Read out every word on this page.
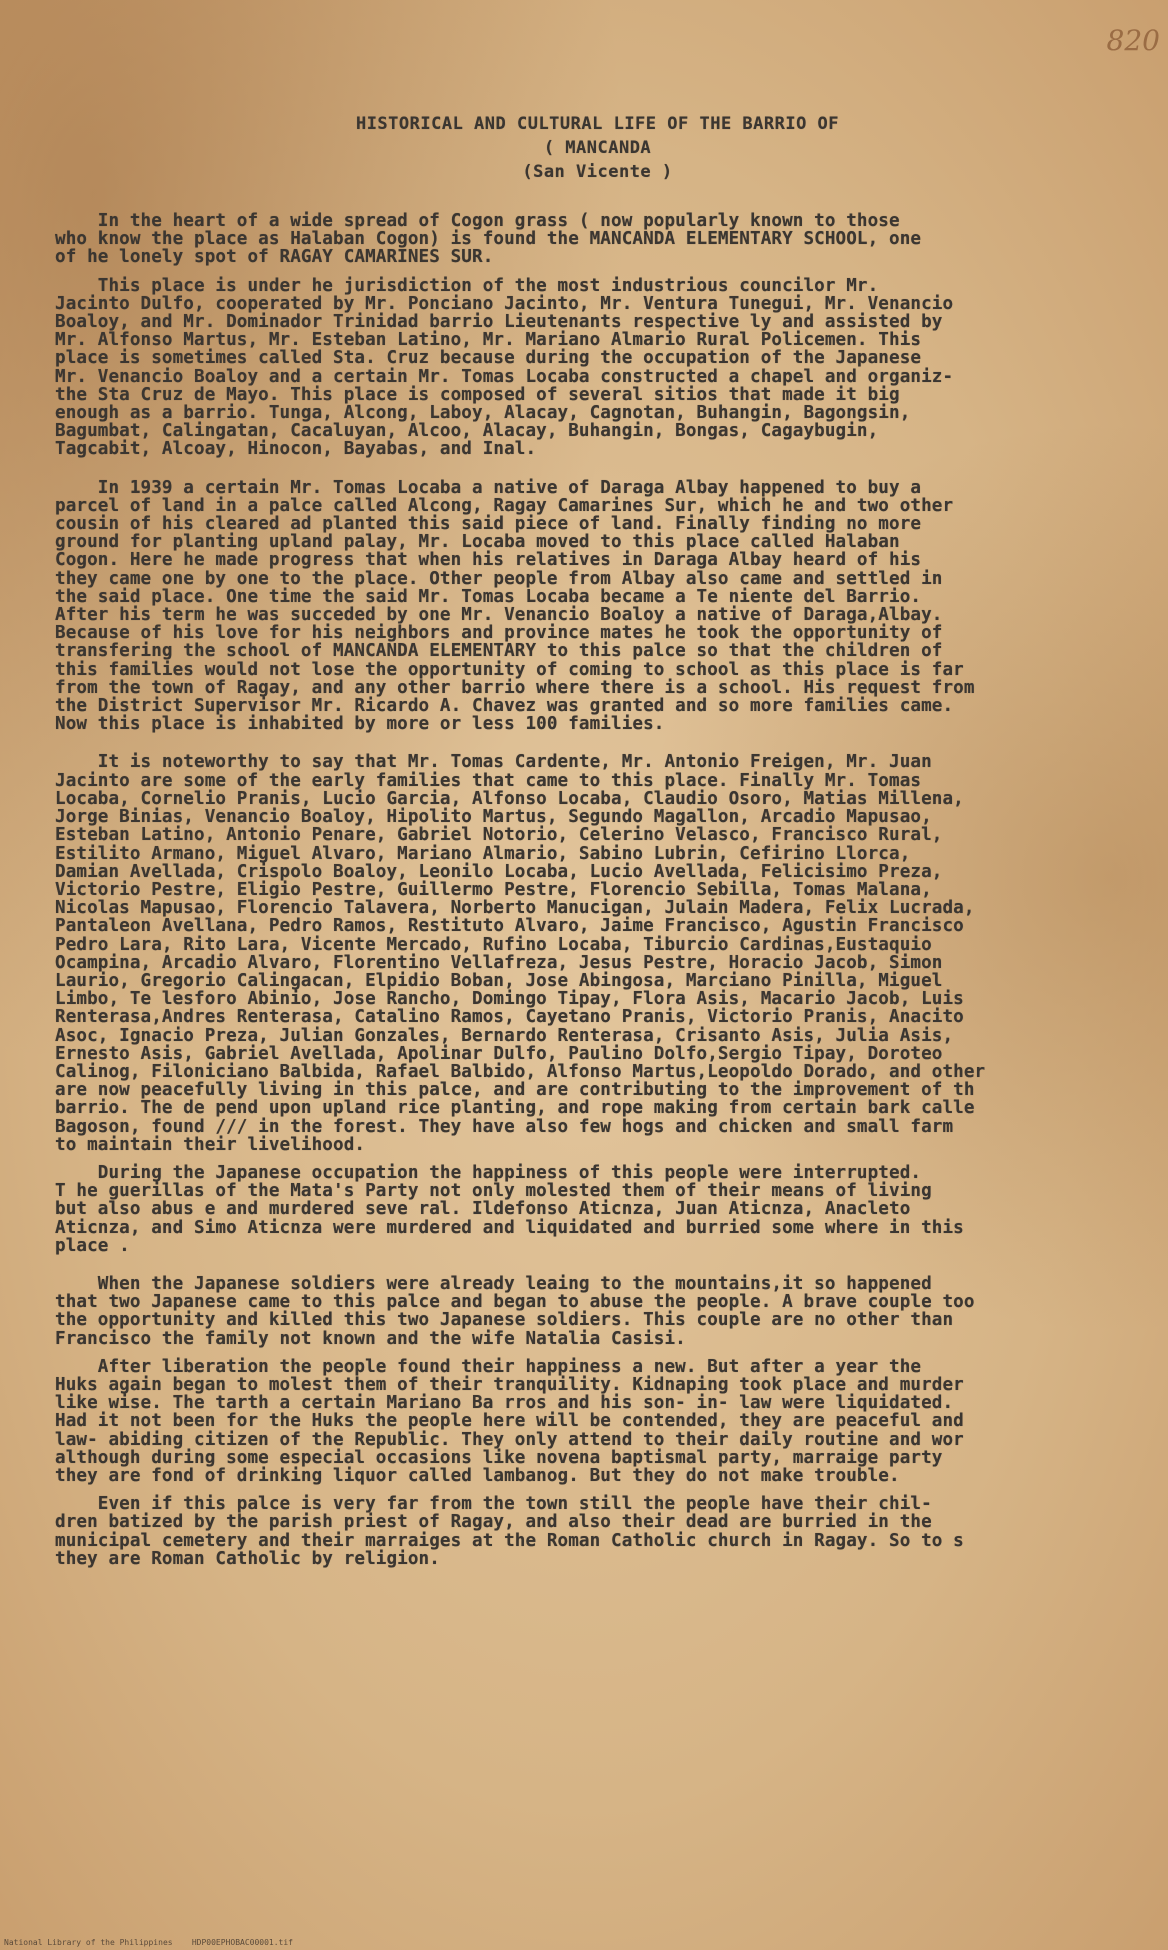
820
HISTORICAL AND CULTURAL LIFE OF THE BARRIO OF
( MANCANDA
(San Vicente )
In the heart of a wide spread of Cogon grass ( now popularly known to those
who know the place as Halaban Cogon) is found the MANCANDA ELEMENTARY SCHOOL, one
of he lonely spot of RAGAY CAMARINES SUR.
This place is under he jurisdiction of the most industrious councilor Mr.
Jacinto Dulfo, cooperated by Mr. Ponciano Jacinto, Mr. Ventura Tunegui, Mr. Venancio
Boaloy, and Mr. Dominador Trinidad barrio Lieutenants respective ly and assisted by
Mr. Alfonso Martus, Mr. Esteban Latino, Mr. Mariano Almario Rural Policemen. This
place is sometimes called Sta. Cruz because during the occupation of the Japanese
Mr. Venancio Boaloy and a certain Mr. Tomas Locaba constructed a chapel and organiz-
the Sta Cruz de Mayo. This place is composed of several sitios that made it big
enough as a barrio. Tunga, Alcong, Laboy, Alacay, Cagnotan, Buhangin, Bagongsin,
Bagumbat, Calingatan, Cacaluyan, Alcoo, Alacay, Buhangin, Bongas, Cagaybugin,
Tagcabit, Alcoay, Hinocon, Bayabas, and Inal.
In 1939 a certain Mr. Tomas Locaba a native of Daraga Albay happened to buy a
parcel of land in a palce called Alcong, Ragay Camarines Sur, which he and two other
cousin of his cleared ad planted this said piece of land. Finally finding no more
ground for planting upland palay, Mr. Locaba moved to this place called Halaban
Cogon. Here he made progress that when his relatives in Daraga Albay heard of his
they came one by one to the place. Other people from Albay also came and settled in
the said place. One time the said Mr. Tomas Locaba became a Te niente del Barrio.
After his term he was succeded by one Mr. Venancio Boaloy a native of Daraga,Albay.
Because of his love for his neighbors and province mates he took the opportunity of
transfering the school of MANCANDA ELEMENTARY to this palce so that the children of
this families would not lose the opportunity of coming to school as this place is far
from the town of Ragay, and any other barrio where there is a school. His request from
the District Supervisor Mr. Ricardo A. Chavez was granted and so more families came.
Now this place is inhabited by more or less 100 families.
It is noteworthy to say that Mr. Tomas Cardente, Mr. Antonio Freigen, Mr. Juan
Jacinto are some of the early families that came to this place. Finally Mr. Tomas
Locaba, Cornelio Pranis, Lucio Garcia, Alfonso Locaba, Claudio Osoro, Matias Millena,
Jorge Binias, Venancio Boaloy, Hipolito Martus, Segundo Magallon, Arcadio Mapusao,
Esteban Latino, Antonio Penare, Gabriel Notorio, Celerino Velasco, Francisco Rural,
Estilito Armano, Miguel Alvaro, Mariano Almario, Sabino Lubrin, Cefirino Llorca,
Damian Avellada, Crispolo Boaloy, Leonilo Locaba, Lucio Avellada, Felicisimo Preza,
Victorio Pestre, Eligio Pestre, Guillermo Pestre, Florencio Sebilla, Tomas Malana,
Nicolas Mapusao, Florencio Talavera, Norberto Manucigan, Julain Madera, Felix Lucrada,
Pantaleon Avellana, Pedro Ramos, Restituto Alvaro, Jaime Francisco, Agustin Francisco
Pedro Lara, Rito Lara, Vicente Mercado, Rufino Locaba, Tiburcio Cardinas,Eustaquio
Ocampina, Arcadio Alvaro, Florentino Vellafreza, Jesus Pestre, Horacio Jacob, Simon
Laurio, Gregorio Calingacan, Elpidio Boban, Jose Abingosa, Marciano Pinilla, Miguel
Limbo, Te lesforo Abinio, Jose Rancho, Domingo Tipay, Flora Asis, Macario Jacob, Luis
Renterasa,Andres Renterasa, Catalino Ramos, Cayetano Pranis, Victorio Pranis, Anacito
Asoc, Ignacio Preza, Julian Gonzales, Bernardo Renterasa, Crisanto Asis, Julia Asis,
Ernesto Asis, Gabriel Avellada, Apolinar Dulfo, Paulino Dolfo,Sergio Tipay, Doroteo
Calinog, Filoniciano Balbida, Rafael Balbido, Alfonso Martus,Leopoldo Dorado, and other
are now peacefully living in this palce, and are contributing to the improvement of th
barrio. The de pend upon upland rice planting, and rope making from certain bark calle
Bagoson, found /// in the forest. They have also few hogs and chicken and small farm
to maintain their livelihood.
During the Japanese occupation the happiness of this people were interrupted.
T he guerillas of the Mata's Party not only molested them of their means of living
but also abus e and murdered seve ral. Ildefonso Aticnza, Juan Aticnza, Anacleto
Aticnza, and Simo Aticnza were murdered and liquidated and burried some where in this
place .
When the Japanese soldiers were already leaing to the mountains,it so happened
that two Japanese came to this palce and began to abuse the people. A brave couple too
the opportunity and killed this two Japanese soldiers. This couple are no other than
Francisco the family not known and the wife Natalia Casisi.
After liberation the people found their happiness a new. But after a year the
Huks again began to molest them of their tranquility. Kidnaping took place and murder
like wise. The tarth a certain Mariano Ba rros and his son- in- law were liquidated.
Had it not been for the Huks the people here will be contended, they are peaceful and
law- abiding citizen of the Republic. They only attend to their daily routine and wor
although during some especial occasions like novena baptismal party, marraige party
they are fond of drinking liquor called lambanog. But they do not make trouble.
Even if this palce is very far from the town still the people have their chil-
dren batized by the parish priest of Ragay, and also their dead are burried in the
municipal cemetery and their marraiges at the Roman Catholic church in Ragay. So to s
they are Roman Catholic by religion.
National Library of the Philippines    HDP00EPHOBAC00001.tif
